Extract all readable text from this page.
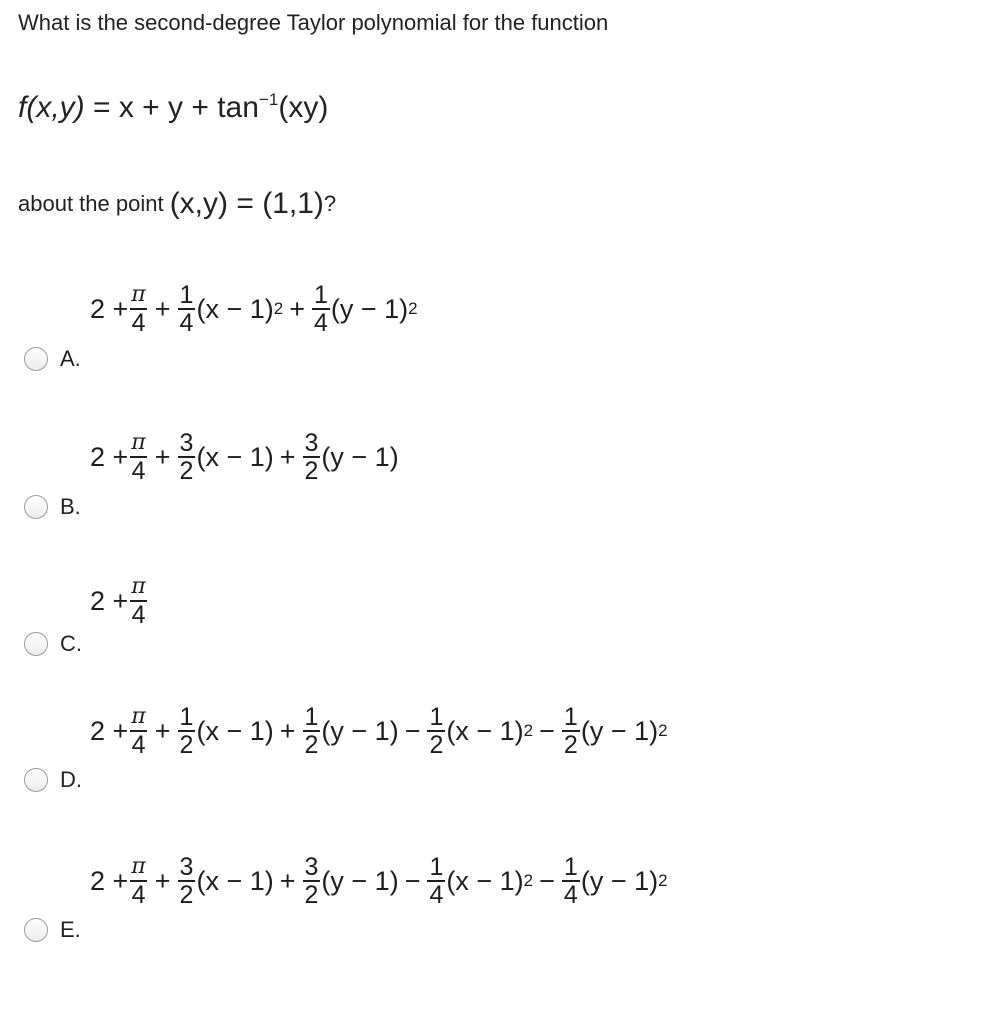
What is the second-degree Taylor polynomial for the function
$f(x,y) = x + y + \tan^{-1}(xy)$
about the point (x,y) = (1,1)?
A.
$2 + \frac{\pi}{4} + \frac{1}{4} (x - 1) 2 + \frac{1}{4} (y - 1)$ 2
B.
$2 + \frac{\pi}{4} + \frac{3}{2} (x - 1) + \frac{3}{2} (y - 1)$
C.
$2 + \frac{\pi}{4}$
D.
$2 + \frac{\pi}{4} + \frac{1}{2} (x - 1) + \frac{1}{2} (y - 1) - \frac{1}{2} (x - 1) 2 - \frac{1}{2} (y - 1)$ 2
E.
$2 + \frac{\pi}{4} + \frac{3}{2} (x - 1) + \frac{3}{2} (y - 1) - \frac{1}{4} (x - 1) 2 - \frac{1}{4} (y - 1)$ 2
